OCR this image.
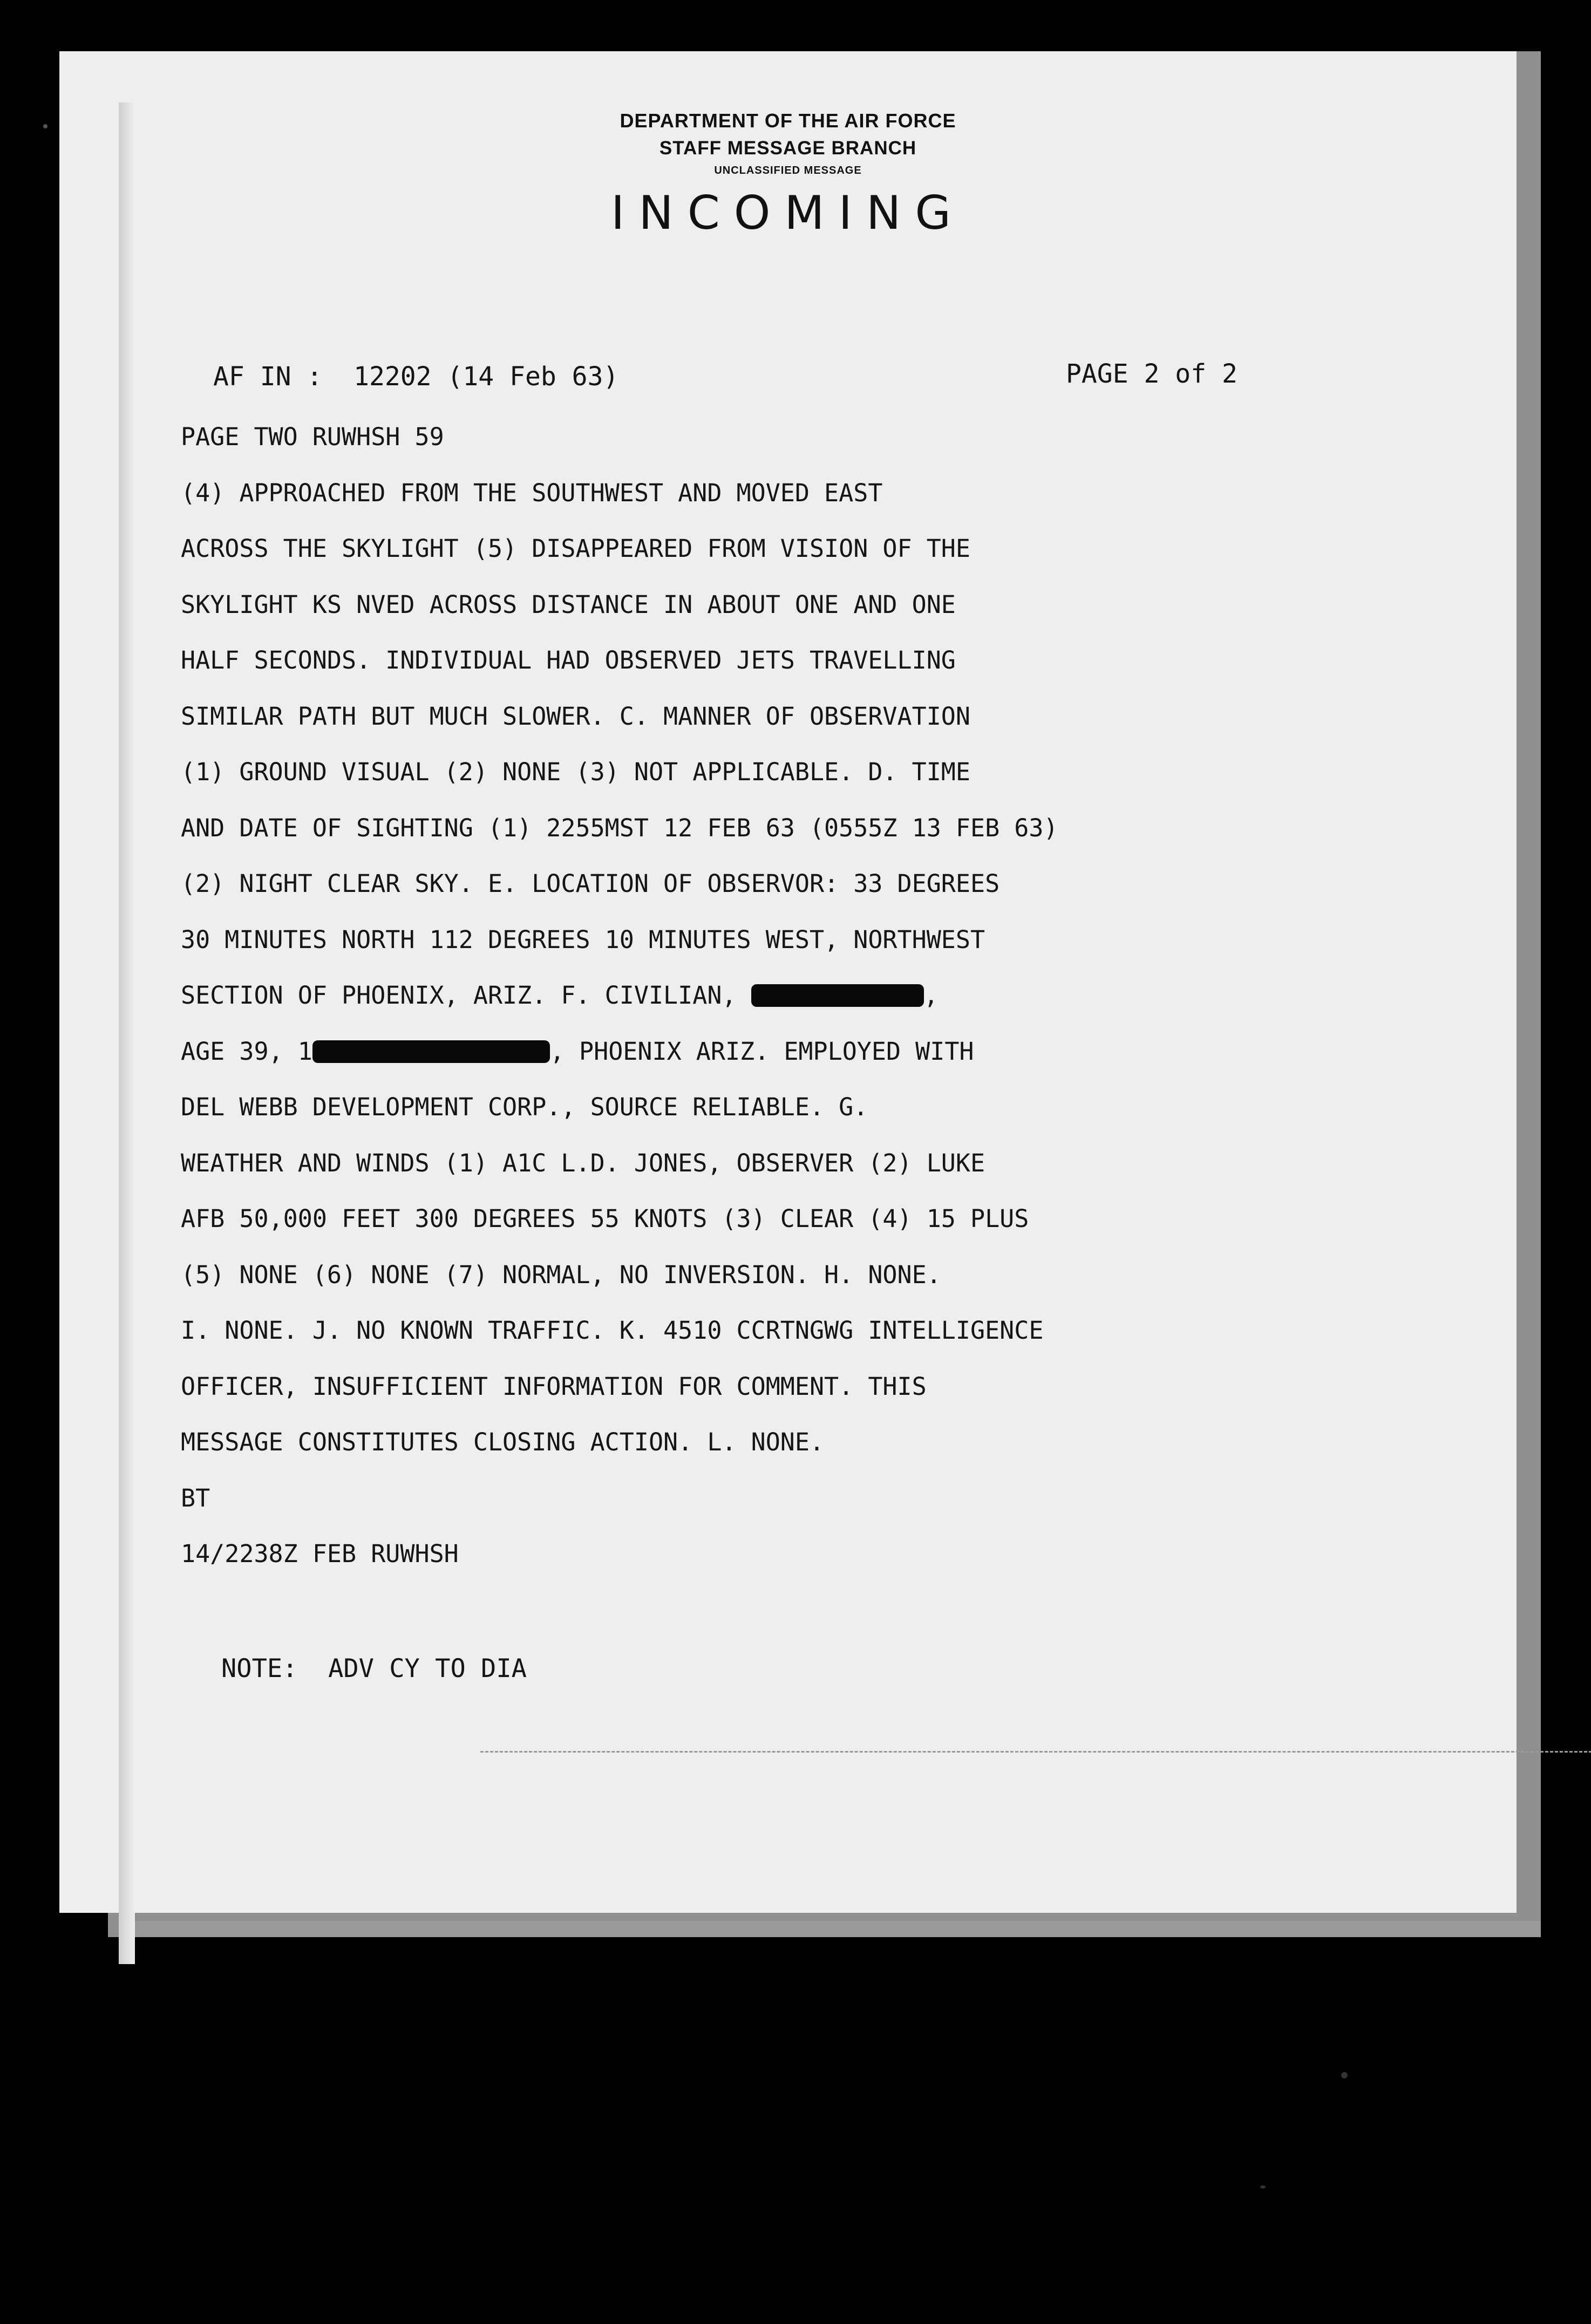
DEPARTMENT OF THE AIR FORCE
STAFF MESSAGE BRANCH
UNCLASSIFIED MESSAGE
INCOMING
AF IN :  12202 (14 Feb 63)	PAGE 2 of 2
PAGE TWO RUWHSH 59
(4) APPROACHED FROM THE SOUTHWEST AND MOVED EAST
ACROSS THE SKYLIGHT (5) DISAPPEARED FROM VISION OF THE
SKYLIGHT KS NVED ACROSS DISTANCE IN ABOUT ONE AND ONE
HALF SECONDS. INDIVIDUAL HAD OBSERVED JETS TRAVELLING
SIMILAR PATH BUT MUCH SLOWER. C. MANNER OF OBSERVATION
(1) GROUND VISUAL (2) NONE (3) NOT APPLICABLE. D. TIME
AND DATE OF SIGHTING (1) 2255MST 12 FEB 63 (0555Z 13 FEB 63)
(2) NIGHT CLEAR SKY. E. LOCATION OF OBSERVOR: 33 DEGREES
30 MINUTES NORTH 112 DEGREES 10 MINUTES WEST, NORTHWEST
SECTION OF PHOENIX, ARIZ. F. CIVILIAN,	,
AGE 39, 1	, PHOENIX ARIZ. EMPLOYED WITH
DEL WEBB DEVELOPMENT CORP., SOURCE RELIABLE. G.
WEATHER AND WINDS (1) A1C L.D. JONES, OBSERVER (2) LUKE
AFB 50,000 FEET 300 DEGREES 55 KNOTS (3) CLEAR (4) 15 PLUS
(5) NONE (6) NONE (7) NORMAL, NO INVERSION. H. NONE.
I. NONE. J. NO KNOWN TRAFFIC. K. 4510 CCRTNGWG INTELLIGENCE
OFFICER, INSUFFICIENT INFORMATION FOR COMMENT. THIS
MESSAGE CONSTITUTES CLOSING ACTION. L. NONE.
BT
14/2238Z FEB RUWHSH
NOTE:  ADV CY TO DIA
